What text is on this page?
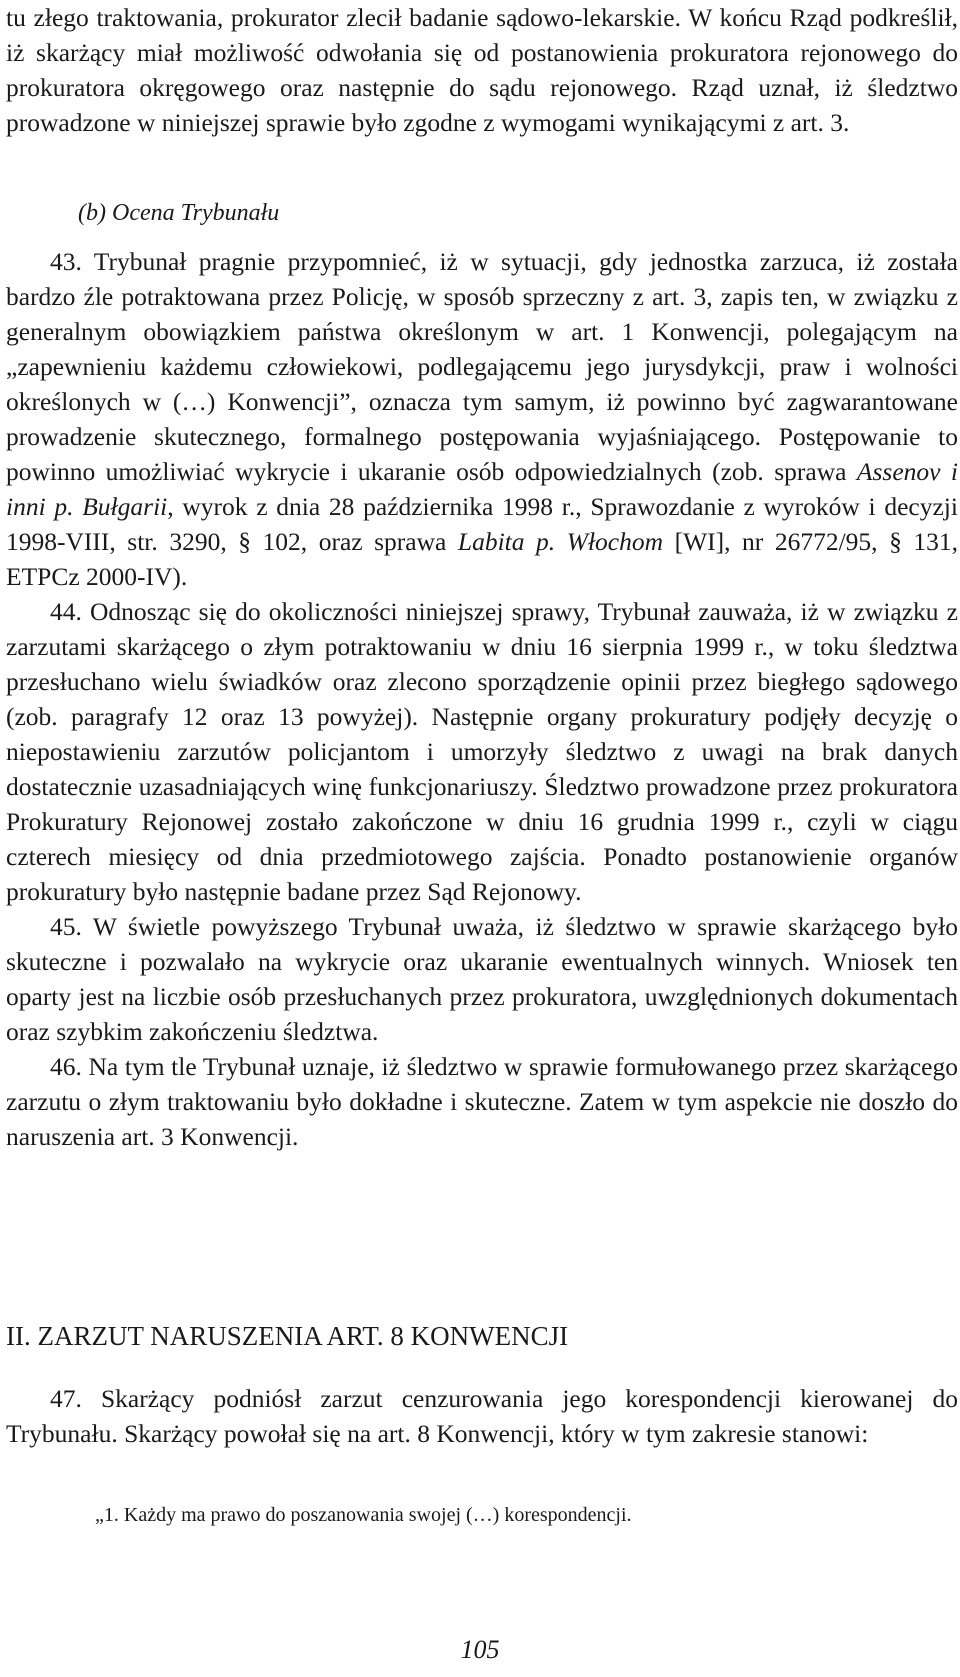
tu złego traktowania, prokurator zlecił badanie sądowo-lekarskie. W końcu Rząd podkreślił, iż skarżący miał możliwość odwołania się od postanowienia prokuratora rejonowego do prokuratora okręgowego oraz następnie do sądu rejonowego. Rząd uznał, iż śledztwo prowadzone w niniejszej sprawie było zgodne z wymogami wynikającymi z art. 3.

(b) Ocena Trybunału

43. Trybunał pragnie przypomnieć, iż w sytuacji, gdy jednostka zarzuca, iż została bardzo źle potraktowana przez Policję, w sposób sprzeczny z art. 3, zapis ten, w związku z generalnym obowiązkiem państwa określonym w art. 1 Konwencji, polegającym na „zapewnieniu każdemu człowiekowi, podlegającemu jego jurysdykcji, praw i wolności określonych w (…) Konwencji”, oznacza tym samym, iż powinno być zagwarantowane prowadzenie skutecznego, formalnego postępowania wyjaśniającego. Postępowanie to powinno umożliwiać wykrycie i ukaranie osób odpowiedzialnych (zob. sprawa Assenov i inni p. Bułgarii, wyrok z dnia 28 października 1998 r., Sprawozdanie z wyroków i decyzji 1998-VIII, str. 3290, § 102, oraz sprawa Labita p. Włochom [WI], nr 26772/95, § 131, ETPCz 2000-IV).

44. Odnosząc się do okoliczności niniejszej sprawy, Trybunał zauważa, iż w związku z zarzutami skarżącego o złym potraktowaniu w dniu 16 sierpnia 1999 r., w toku śledztwa przesłuchano wielu świadków oraz zlecono sporządzenie opinii przez biegłego sądowego (zob. paragrafy 12 oraz 13 powyżej). Następnie organy prokuratury podjęły decyzję o niepostawieniu zarzutów policjantom i umorzyły śledztwo z uwagi na brak danych dostatecznie uzasadniających winę funkcjonariuszy. Śledztwo prowadzone przez prokuratora Prokuratury Rejonowej zostało zakończone w dniu 16 grudnia 1999 r., czyli w ciągu czterech miesięcy od dnia przedmiotowego zajścia. Ponadto postanowienie organów prokuratury było następnie badane przez Sąd Rejonowy.

45. W świetle powyższego Trybunał uważa, iż śledztwo w sprawie skarżącego było skuteczne i pozwalało na wykrycie oraz ukaranie ewentualnych winnych. Wniosek ten oparty jest na liczbie osób przesłuchanych przez prokuratora, uwzględnionych dokumentach oraz szybkim zakończeniu śledztwa.

46. Na tym tle Trybunał uznaje, iż śledztwo w sprawie formułowanego przez skarżącego zarzutu o złym traktowaniu było dokładne i skuteczne. Zatem w tym aspekcie nie doszło do naruszenia art. 3 Konwencji.

II. ZARZUT NARUSZENIA ART. 8 KONWENCJI

47. Skarżący podniósł zarzut cenzurowania jego korespondencji kierowanej do Trybunału. Skarżący powołał się na art. 8 Konwencji, który w tym zakresie stanowi:

„1. Każdy ma prawo do poszanowania swojej (…) korespondencji.

105
